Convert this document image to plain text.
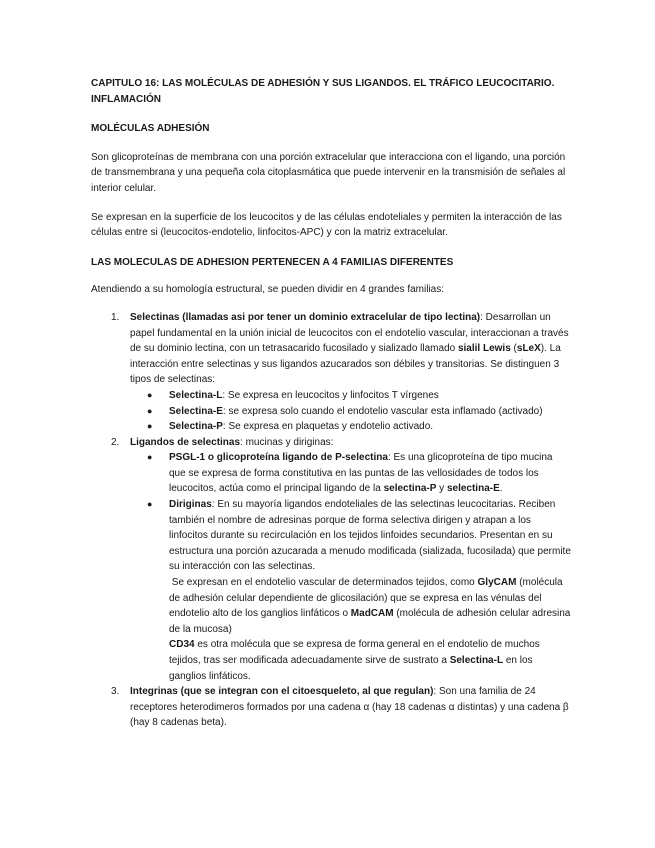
CAPITULO 16: LAS MOLÉCULAS DE ADHESIÓN Y SUS LIGANDOS. EL TRÁFICO LEUCOCITARIO. INFLAMACIÓN

MOLÉCULAS ADHESIÓN

Son glicoproteínas de membrana con una porción extracelular que interacciona con el ligando, una porción de transmembrana y una pequeña cola citoplasmática que puede intervenir en la transmisión de señales al interior celular.

Se expresan en la superficie de los leucocitos y de las células endoteliales y permiten la interacción de las células entre si (leucocitos-endotelio, linfocitos-APC) y con la matriz extracelular.

LAS MOLECULAS DE ADHESION PERTENECEN A 4 FAMILIAS DIFERENTES

Atendiendo a su homología estructural, se pueden dividir en 4 grandes familias:

1. Selectinas (llamadas asi por tener un dominio extracelular de tipo lectina): Desarrollan un papel fundamental en la unión inicial de leucocitos con el endotelio vascular, interaccionan a través de su dominio lectina, con un tetrasacarido fucosilado y sializado llamado sialil Lewis (sLeX). La interacción entre selectinas y sus ligandos azucarados son débiles y transitorias. Se distinguen 3 tipos de selectinas:
● Selectina-L: Se expresa en leucocitos y linfocitos T vírgenes
● Selectina-E: se expresa solo cuando el endotelio vascular esta inflamado (activado)
● Selectina-P: Se expresa en plaquetas y endotelio activado.
2. Ligandos de selectinas: mucinas y diriginas:
● PSGL-1 o glicoproteína ligando de P-selectina: Es una glicoproteína de tipo mucina que se expresa de forma constitutiva en las puntas de las vellosidades de todos los leucocitos, actúa como el principal ligando de la selectina-P y selectina-E.
● Diriginas: En su mayoría ligandos endoteliales de las selectinas leucocitarias. Reciben también el nombre de adresinas porque de forma selectiva dirigen y atrapan a los linfocitos durante su recirculación en los tejidos linfoides secundarios. Presentan en su estructura una porción azucarada a menudo modificada (sializada, fucosilada) que permite su interacción con las selectinas.
Se expresan en el endotelio vascular de determinados tejidos, como GlyCAM (molécula de adhesión celular dependiente de glicosilación) que se expresa en las vénulas del endotelio alto de los ganglios linfáticos o MadCAM (molécula de adhesión celular adresina de la mucosa)
CD34 es otra molécula que se expresa de forma general en el endotelio de muchos tejidos, tras ser modificada adecuadamente sirve de sustrato a Selectina-L en los ganglios linfáticos.
3. Integrinas (que se integran con el citoesqueleto, al que regulan): Son una familia de 24 receptores heterodimeros formados por una cadena α (hay 18 cadenas α distintas) y una cadena β (hay 8 cadenas beta).
